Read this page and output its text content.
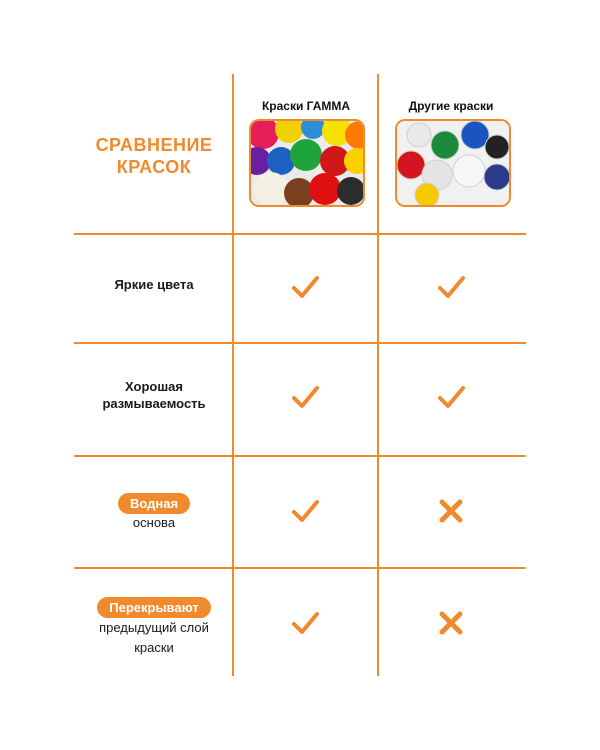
СРАВНЕНИЕ КРАСОК
Краски ГАММА	Другие краски
Яркие цвета
Хорошая размываемость
Водная
основа
Перекрывают
предыдущий слой краски
